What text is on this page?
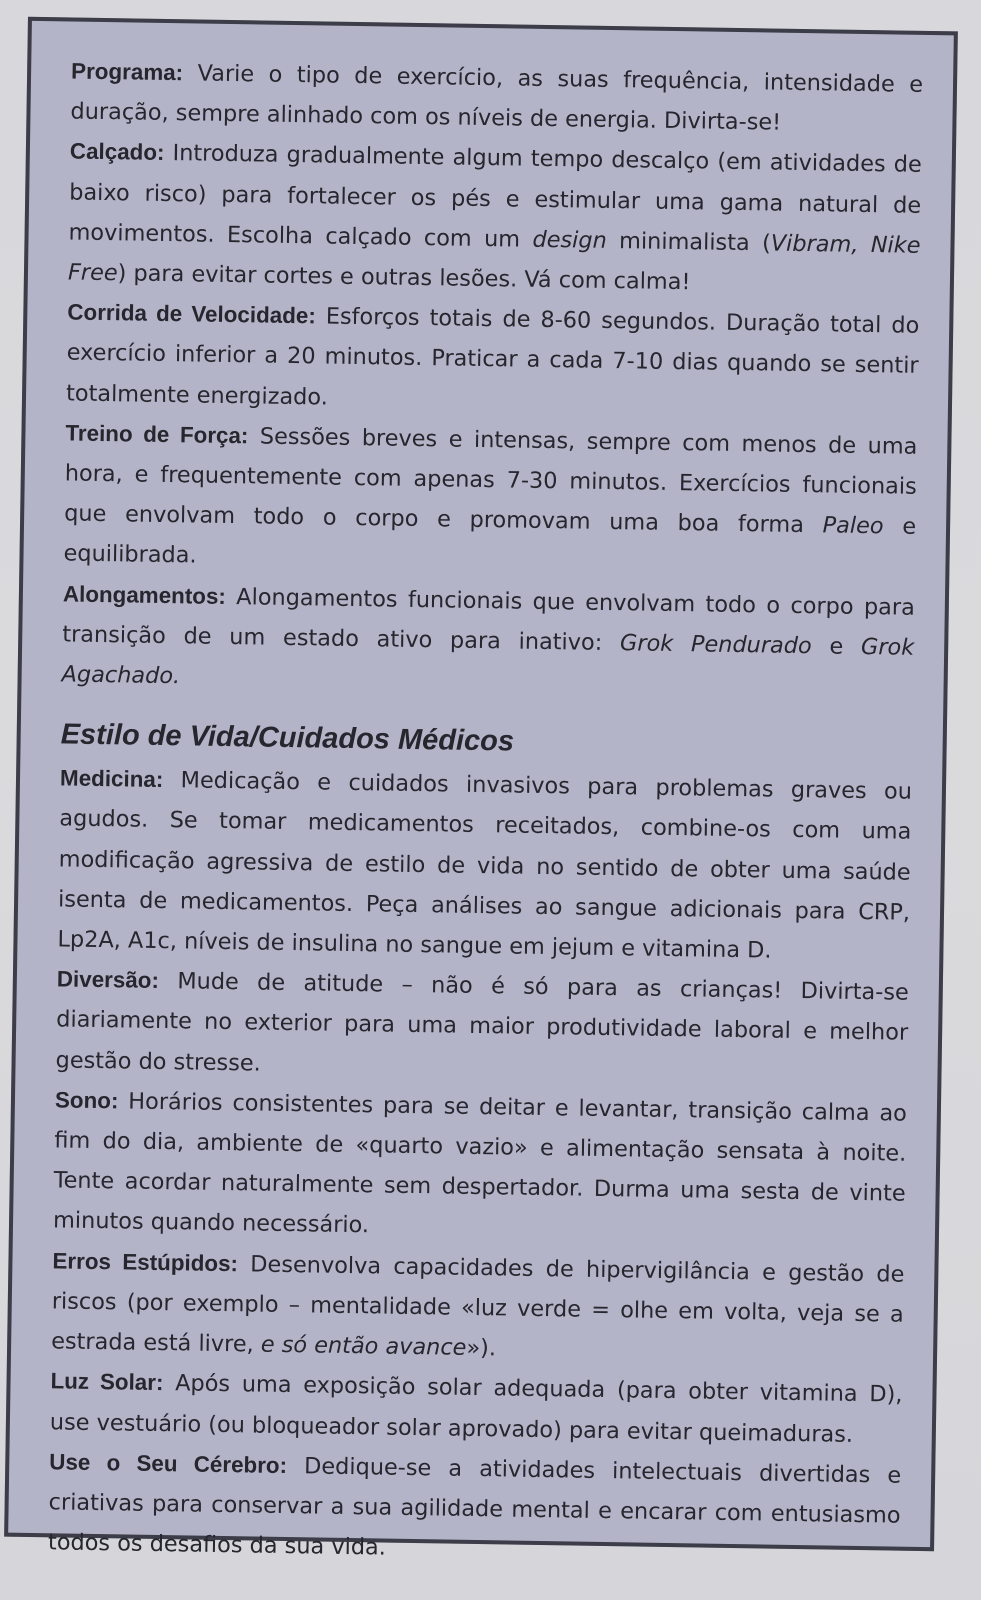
Programa: Varie o tipo de exercício, as suas frequência, intensidade e duração, sempre alinhado com os níveis de energia. Divirta-se!

Calçado: Introduza gradualmente algum tempo descalço (em atividades de baixo risco) para fortalecer os pés e estimular uma gama natural de movimentos. Escolha calçado com um design minimalista (Vibram, Nike Free) para evitar cortes e outras lesões. Vá com calma!

Corrida de Velocidade: Esforços totais de 8-60 segundos. Duração total do exercício inferior a 20 minutos. Praticar a cada 7-10 dias quando se sentir totalmente energizado.

Treino de Força: Sessões breves e intensas, sempre com menos de uma hora, e frequentemente com apenas 7-30 minutos. Exercícios funcionais que envolvam todo o corpo e promovam uma boa forma Paleo e equilibrada.

Alongamentos: Alongamentos funcionais que envolvam todo o corpo para transição de um estado ativo para inativo: Grok Pendurado e Grok Agachado.

Estilo de Vida/Cuidados Médicos

Medicina: Medicação e cuidados invasivos para problemas graves ou agudos. Se tomar medicamentos receitados, combine-os com uma modificação agressiva de estilo de vida no sentido de obter uma saúde isenta de medicamentos. Peça análises ao sangue adicionais para CRP, Lp2A, A1c, níveis de insulina no sangue em jejum e vitamina D.

Diversão: Mude de atitude – não é só para as crianças! Divirta-se diariamente no exterior para uma maior produtividade laboral e melhor gestão do stresse.

Sono: Horários consistentes para se deitar e levantar, transição calma ao fim do dia, ambiente de «quarto vazio» e alimentação sensata à noite. Tente acordar naturalmente sem despertador. Durma uma sesta de vinte minutos quando necessário.

Erros Estúpidos: Desenvolva capacidades de hipervigilância e gestão de riscos (por exemplo – mentalidade «luz verde = olhe em volta, veja se a estrada está livre, e só então avance»).

Luz Solar: Após uma exposição solar adequada (para obter vitamina D), use vestuário (ou bloqueador solar aprovado) para evitar queimaduras.

Use o Seu Cérebro: Dedique-se a atividades intelectuais divertidas e criativas para conservar a sua agilidade mental e encarar com entusiasmo todos os desafios da sua vida.
